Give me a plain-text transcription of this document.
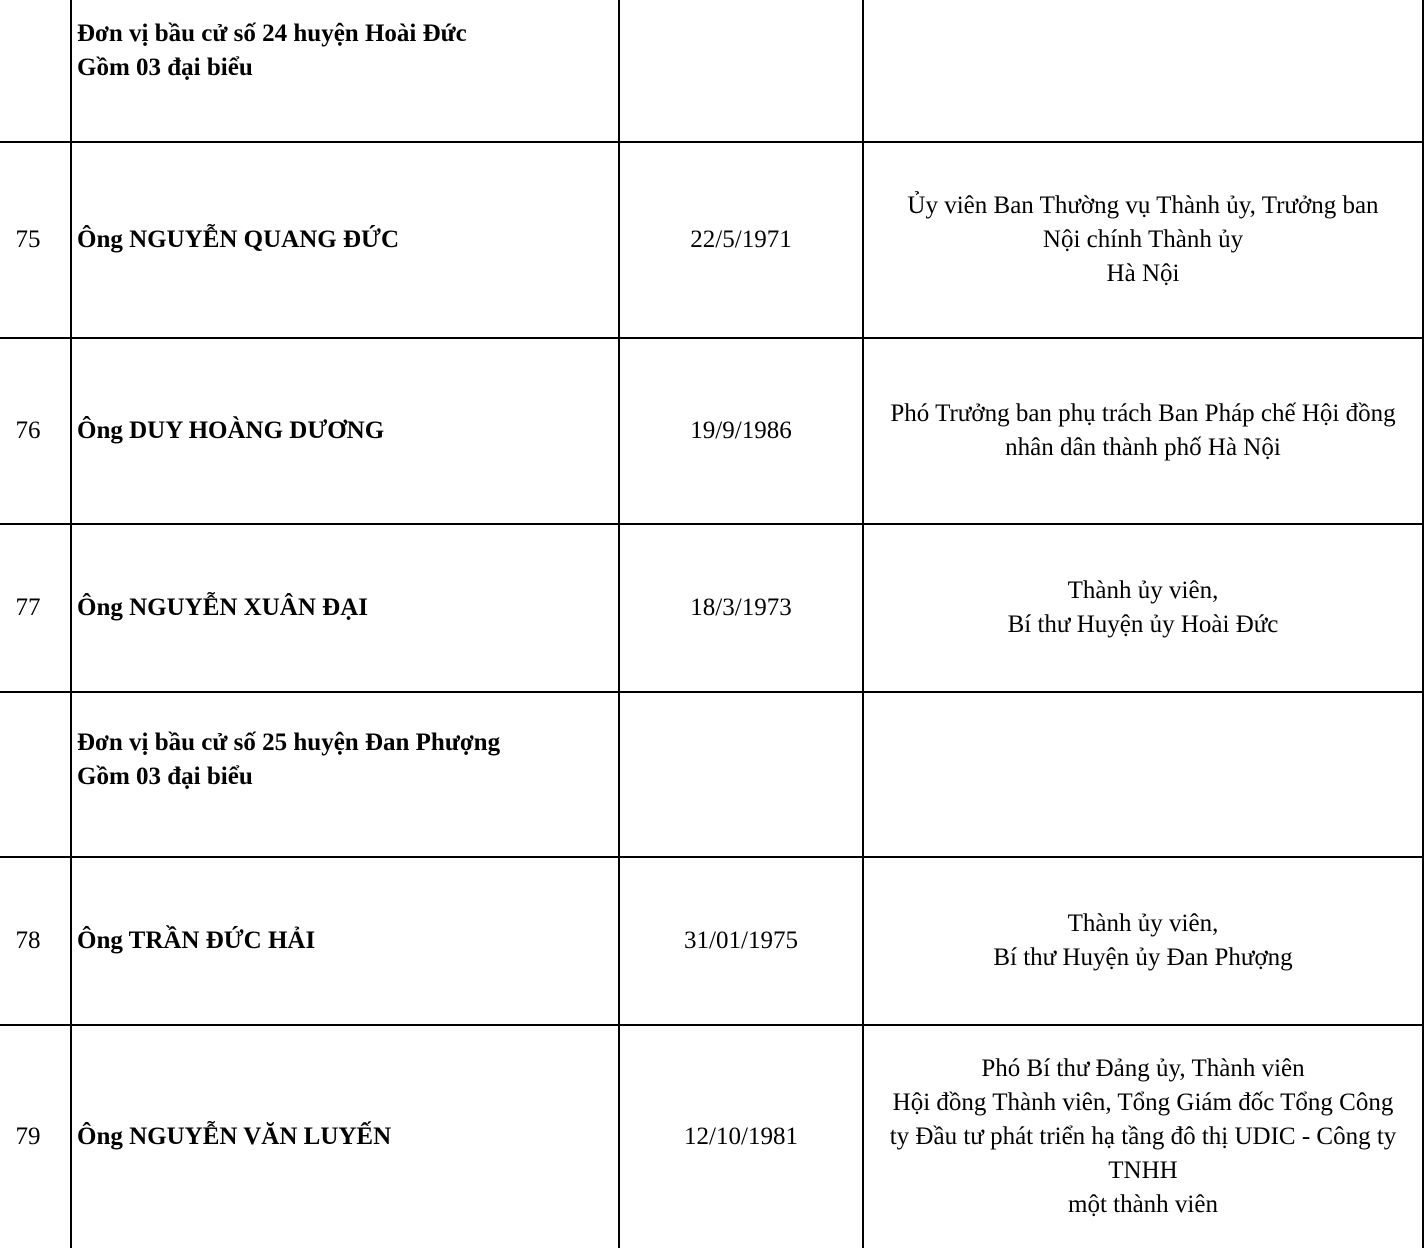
	Đơn vị bầu cử số 24 huyện Hoài Đức
Gồm 03 đại biểu		

75	Ông NGUYỄN QUANG ĐỨC	22/5/1971	Ủy viên Ban Thường vụ Thành ủy, Trưởng ban
Nội chính Thành ủy
Hà Nội

76	Ông DUY HOÀNG DƯƠNG	19/9/1986	Phó Trưởng ban phụ trách Ban Pháp chế Hội đồng
nhân dân thành phố Hà Nội

77	Ông NGUYỄN XUÂN ĐẠI	18/3/1973	Thành ủy viên,
Bí thư Huyện ủy Hoài Đức

	Đơn vị bầu cử số 25 huyện Đan Phượng
Gồm 03 đại biểu		

78	Ông TRẦN ĐỨC HẢI	31/01/1975	Thành ủy viên,
Bí thư Huyện ủy Đan Phượng

79	Ông NGUYỄN VĂN LUYẾN	12/10/1981	Phó Bí thư Đảng ủy, Thành viên
Hội đồng Thành viên, Tổng Giám đốc Tổng Công
ty Đầu tư phát triển hạ tầng đô thị UDIC - Công ty
TNHH
một thành viên
